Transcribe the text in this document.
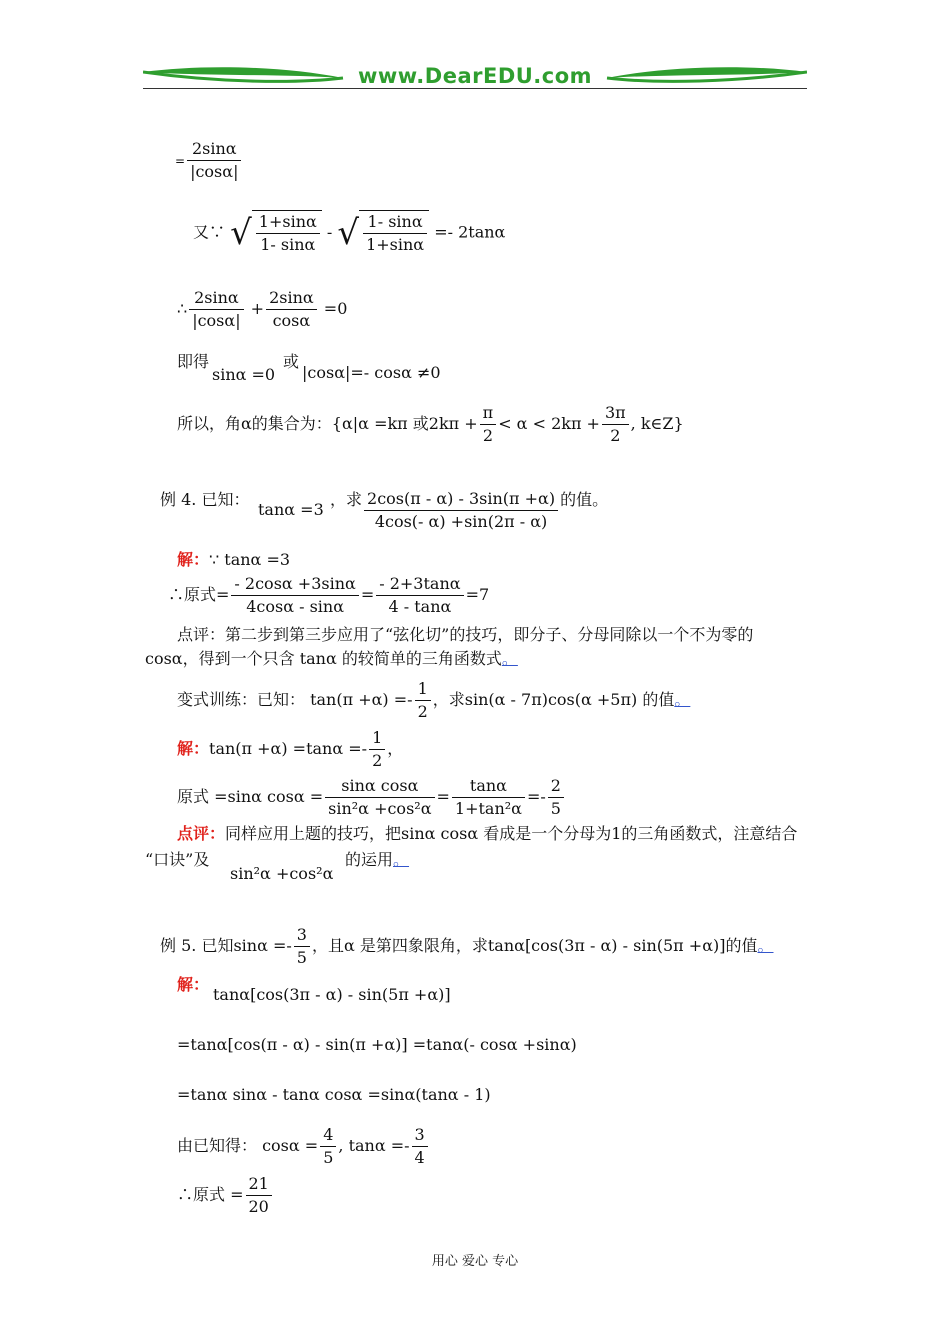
www.DearEDU.com
= $\frac{2\sin\alpha}{|\cos\alpha|}$
又∵ √ $\frac{1+\sin\alpha}{1- \sin\alpha}$ - √ $\frac{1- \sin\alpha}{1+\sin\alpha} =- 2\tan\alpha$
∴ $\frac{2\sin\alpha}{|\cos\alpha|} + \frac{2\sin\alpha}{\cos\alpha} =0$
即得
sinα =0
或
|cosα|=- cosα ≠0
所以，角α的集合为：{α|α =kπ 或$2k\pi + \frac{\pi}{2} < \alpha < 2k\pi + \frac{3\pi}{2}$ , k∈Z}
例 4. 已知：
tanα =3
，求 $\frac{2\cos(\pi - \alpha) - 3\sin(\pi +\alpha)}{4\cos(- \alpha) +\sin(2\pi - \alpha)}$ 的值。
解：∵ tanα =3
∴原式= $\frac{- 2\cos\alpha +3\sin\alpha}{4\cos\alpha - \sin\alpha} = \frac{- 2+3\tan\alpha}{4 - \tan\alpha} =7$
点评：第二步到第三步应用了“弦化切”的技巧，即分子、分母同除以一个不为零的
cosα，得到一个只含 tanα 的较简单的三角函数式。
变式训练：已知： $\tan(\pi +\alpha) =- \frac{1}{2}$ ，求sin(α - 7π)cos(α +5π) 的值。
解：$\tan(\pi +\alpha) =\tan\alpha =- \frac{1}{2}$ ，
原式 =sinα $\cos\alpha = \frac{\text{sinα cosα}}{\text{sin²α +cos²α}} = \frac{\tan\alpha}{\text{1+tan²α}} =- \frac{2}{5}$
点评：同样应用上题的技巧，把sinα cosα 看成是一个分母为1的三角函数式，注意结合
“口诀”及
sin²α +cos²α
的运用。
例 5. 已知$\sin\alpha =- \frac{3}{5}$ ，且α 是第四象限角，求tanα[cos(3π - α) - sin(5π +α)]的值。
解：
tanα[cos(3π - α) - sin(5π +α)]
=tanα[cos(π - α) - sin(π +α)] =tanα(- cosα +sinα)
=tanα sinα - tanα cosα =sinα(tanα - 1)
由已知得： $\cos\alpha = \frac{4}{5}$ , $\tan\alpha =- \frac{3}{4}$
∴原式 = $\frac{21}{20}$
用心 爱心 专心
